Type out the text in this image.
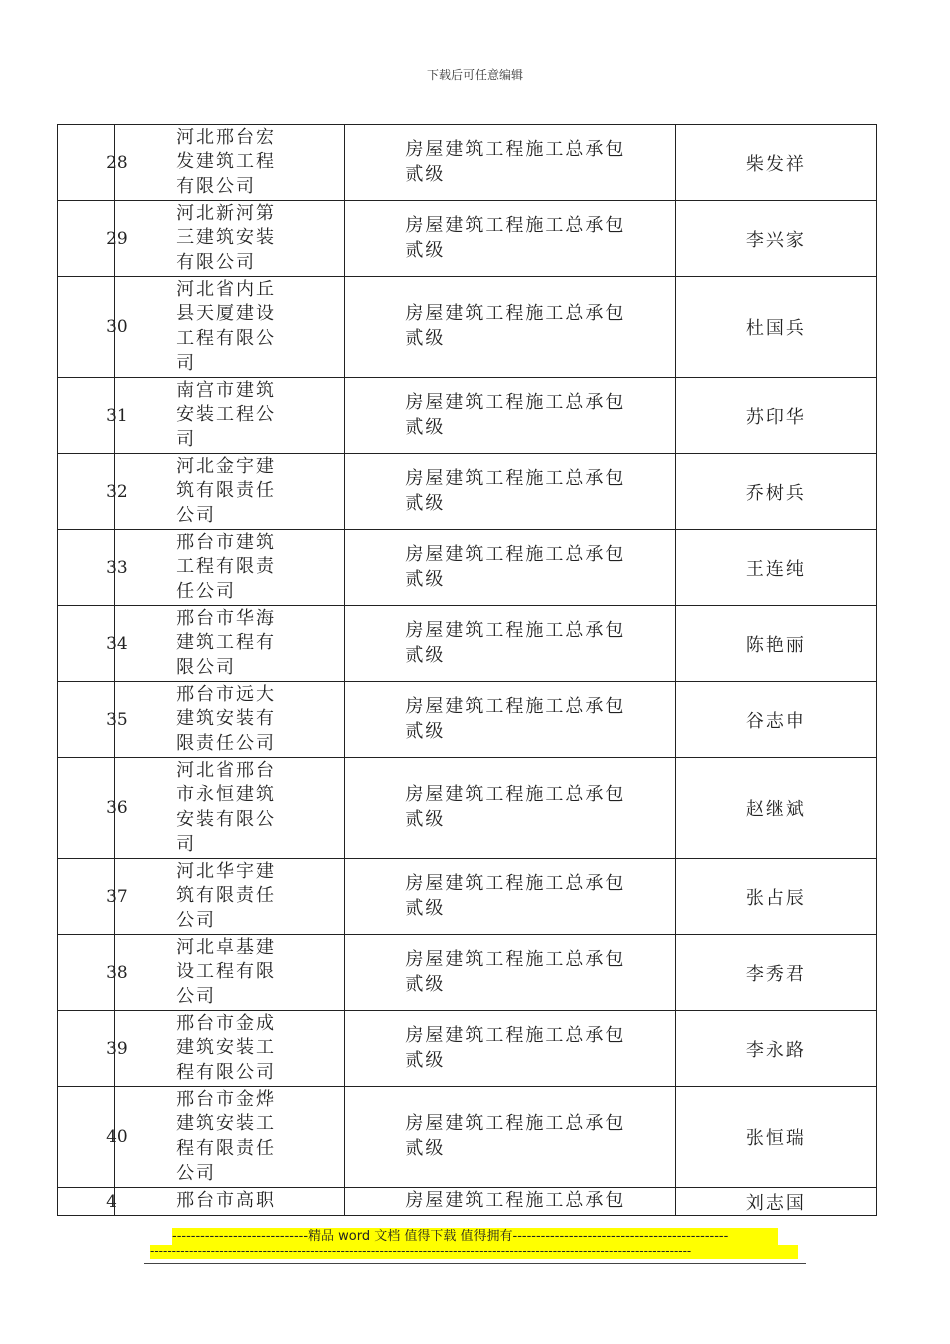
下载后可任意编辑
28	河北邢台宏发建筑工程有限公司	房屋建筑工程施工总承包贰级	柴发祥

29	河北新河第三建筑安装有限公司	房屋建筑工程施工总承包贰级	李兴家

30	河北省内丘县天厦建设工程有限公司	房屋建筑工程施工总承包贰级	杜国兵

31	南宫市建筑安装工程公司	房屋建筑工程施工总承包贰级	苏印华

32	河北金宇建筑有限责任公司	房屋建筑工程施工总承包贰级	乔树兵

33	邢台市建筑工程有限责任公司	房屋建筑工程施工总承包贰级	王连纯

34	邢台市华海建筑工程有限公司	房屋建筑工程施工总承包贰级	陈艳丽

35	邢台市远大建筑安装有限责任公司	房屋建筑工程施工总承包贰级	谷志申

36	河北省邢台市永恒建筑安装有限公司	房屋建筑工程施工总承包贰级	赵继斌

37	河北华宇建筑有限责任公司	房屋建筑工程施工总承包贰级	张占辰

38	河北卓基建设工程有限公司	房屋建筑工程施工总承包贰级	李秀君

39	邢台市金成建筑安装工程有限公司	房屋建筑工程施工总承包贰级	李永路

40	邢台市金烨建筑安装工程有限责任公司	房屋建筑工程施工总承包贰级	张恒瑞

4	邢台市高职	房屋建筑工程施工总承包	刘志国
-----------------------------精品 word 文档 值得下载 值得拥有----------------------------------------------
-----------------------------------------------------------------------------------------------------------------------------
